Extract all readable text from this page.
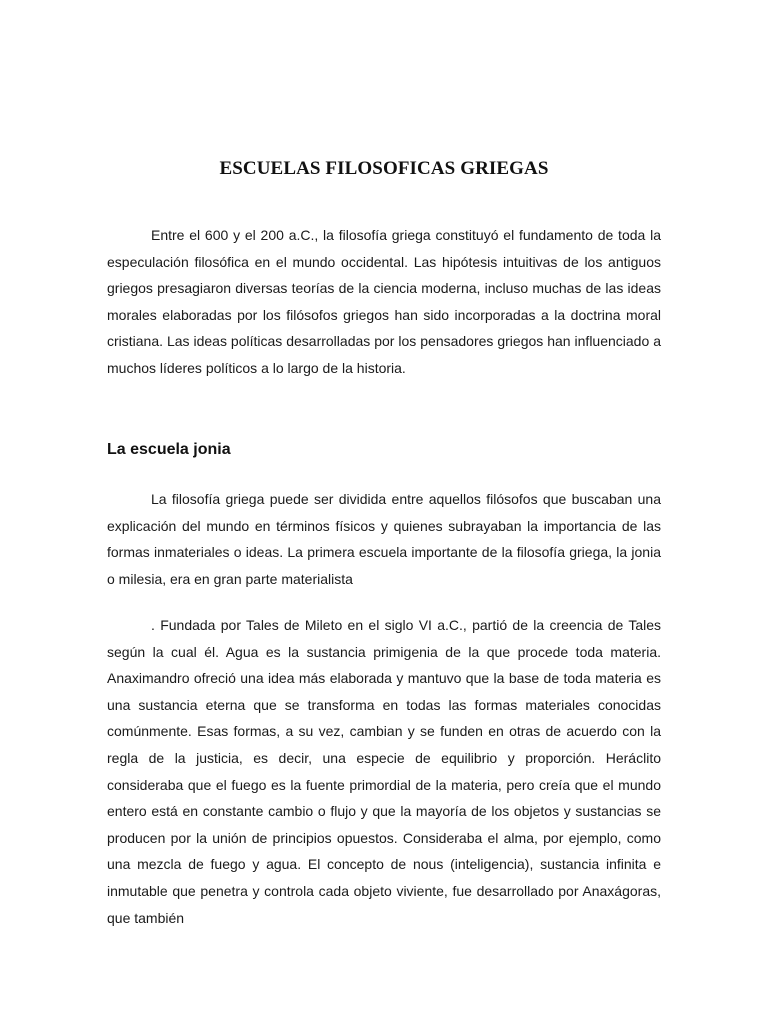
ESCUELAS FILOSOFICAS GRIEGAS

Entre el 600 y el 200 a.C., la filosofía griega constituyó el fundamento de toda la especulación filosófica en el mundo occidental. Las hipótesis intuitivas de los antiguos griegos presagiaron diversas teorías de la ciencia moderna, incluso muchas de las ideas morales elaboradas por los filósofos griegos han sido incorporadas a la doctrina moral cristiana. Las ideas políticas desarrolladas por los pensadores griegos han influenciado a muchos líderes políticos a lo largo de la historia.

La escuela jonia

La filosofía griega puede ser dividida entre aquellos filósofos que buscaban una explicación del mundo en términos físicos y quienes subrayaban la importancia de las formas inmateriales o ideas. La primera escuela importante de la filosofía griega, la jonia o milesia, era en gran parte materialista

. Fundada por Tales de Mileto en el siglo VI a.C., partió de la creencia de Tales según la cual él. Agua es la sustancia primigenia de la que procede toda materia. Anaximandro ofreció una idea más elaborada y mantuvo que la base de toda materia es una sustancia eterna que se transforma en todas las formas materiales conocidas comúnmente. Esas formas, a su vez, cambian y se funden en otras de acuerdo con la regla de la justicia, es decir, una especie de equilibrio y proporción. Heráclito consideraba que el fuego es la fuente primordial de la materia, pero creía que el mundo entero está en constante cambio o flujo y que la mayoría de los objetos y sustancias se producen por la unión de principios opuestos. Consideraba el alma, por ejemplo, como una mezcla de fuego y agua. El concepto de nous (inteligencia), sustancia infinita e inmutable que penetra y controla cada objeto viviente, fue desarrollado por Anaxágoras, que también
